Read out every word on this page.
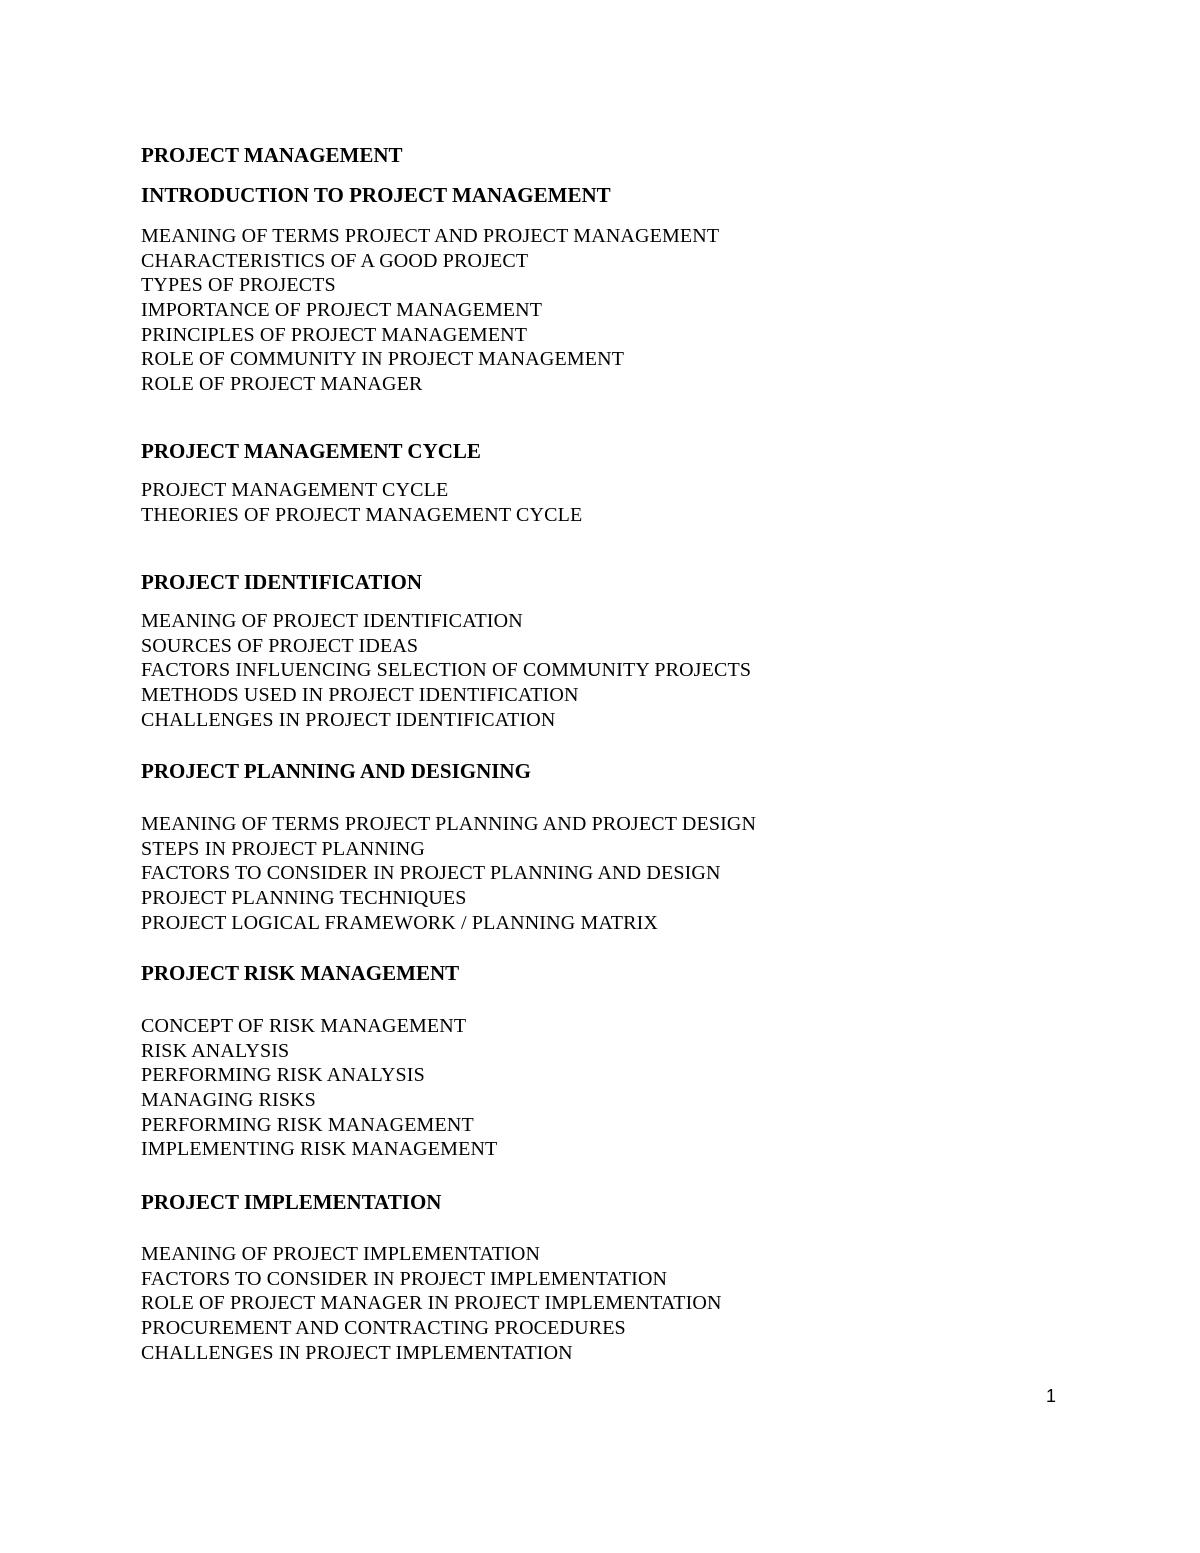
PROJECT MANAGEMENT
INTRODUCTION TO PROJECT MANAGEMENT
MEANING OF TERMS PROJECT AND PROJECT MANAGEMENT
CHARACTERISTICS OF A GOOD PROJECT
TYPES OF PROJECTS
IMPORTANCE OF PROJECT MANAGEMENT
PRINCIPLES OF PROJECT MANAGEMENT
ROLE OF COMMUNITY IN PROJECT MANAGEMENT
ROLE OF PROJECT MANAGER
PROJECT MANAGEMENT CYCLE
PROJECT MANAGEMENT CYCLE
THEORIES OF PROJECT MANAGEMENT CYCLE
PROJECT IDENTIFICATION
MEANING OF PROJECT IDENTIFICATION
SOURCES OF PROJECT IDEAS
FACTORS INFLUENCING SELECTION OF COMMUNITY PROJECTS
METHODS USED IN PROJECT IDENTIFICATION
CHALLENGES IN PROJECT IDENTIFICATION
PROJECT PLANNING AND DESIGNING
MEANING OF TERMS PROJECT PLANNING AND PROJECT DESIGN
STEPS IN PROJECT PLANNING
FACTORS TO CONSIDER IN PROJECT PLANNING AND DESIGN
PROJECT PLANNING TECHNIQUES
PROJECT LOGICAL FRAMEWORK / PLANNING MATRIX
PROJECT RISK MANAGEMENT
CONCEPT OF RISK MANAGEMENT
RISK ANALYSIS
PERFORMING RISK ANALYSIS
MANAGING RISKS
PERFORMING RISK MANAGEMENT
IMPLEMENTING RISK MANAGEMENT
PROJECT IMPLEMENTATION
MEANING OF PROJECT IMPLEMENTATION
FACTORS TO CONSIDER IN PROJECT IMPLEMENTATION
ROLE OF PROJECT MANAGER IN PROJECT IMPLEMENTATION
PROCUREMENT AND CONTRACTING PROCEDURES
CHALLENGES IN PROJECT IMPLEMENTATION
1
